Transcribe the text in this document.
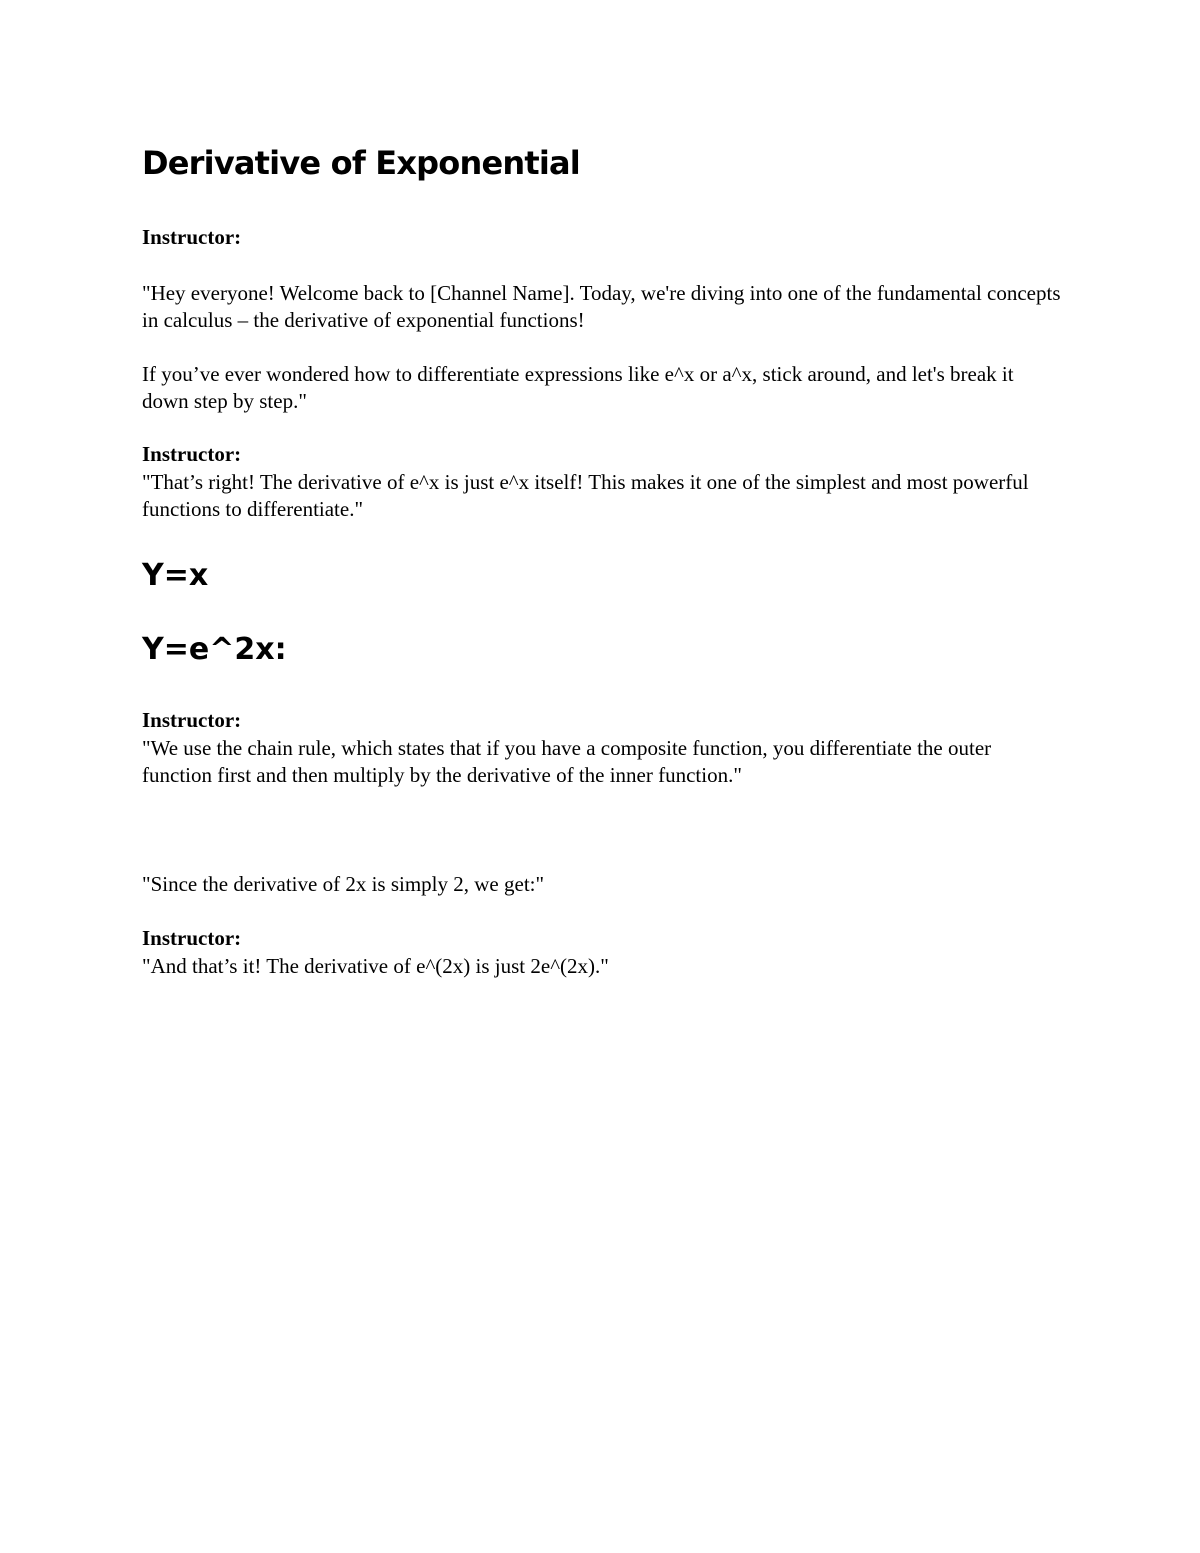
Derivative of Exponential

Instructor:

"Hey everyone! Welcome back to [Channel Name]. Today, we're diving into one of the fundamental concepts in calculus – the derivative of exponential functions!

If you’ve ever wondered how to differentiate expressions like e^x or a^x, stick around, and let's break it down step by step."

Instructor:

"That’s right! The derivative of e^x is just e^x itself! This makes it one of the simplest and most powerful functions to differentiate."

Y=x

Y=e^2x:

Instructor:

"We use the chain rule, which states that if you have a composite function, you differentiate the outer function first and then multiply by the derivative of the inner function."

"Since the derivative of 2x is simply 2, we get:"

Instructor:

"And that’s it! The derivative of e^(2x) is just 2e^(2x)."
